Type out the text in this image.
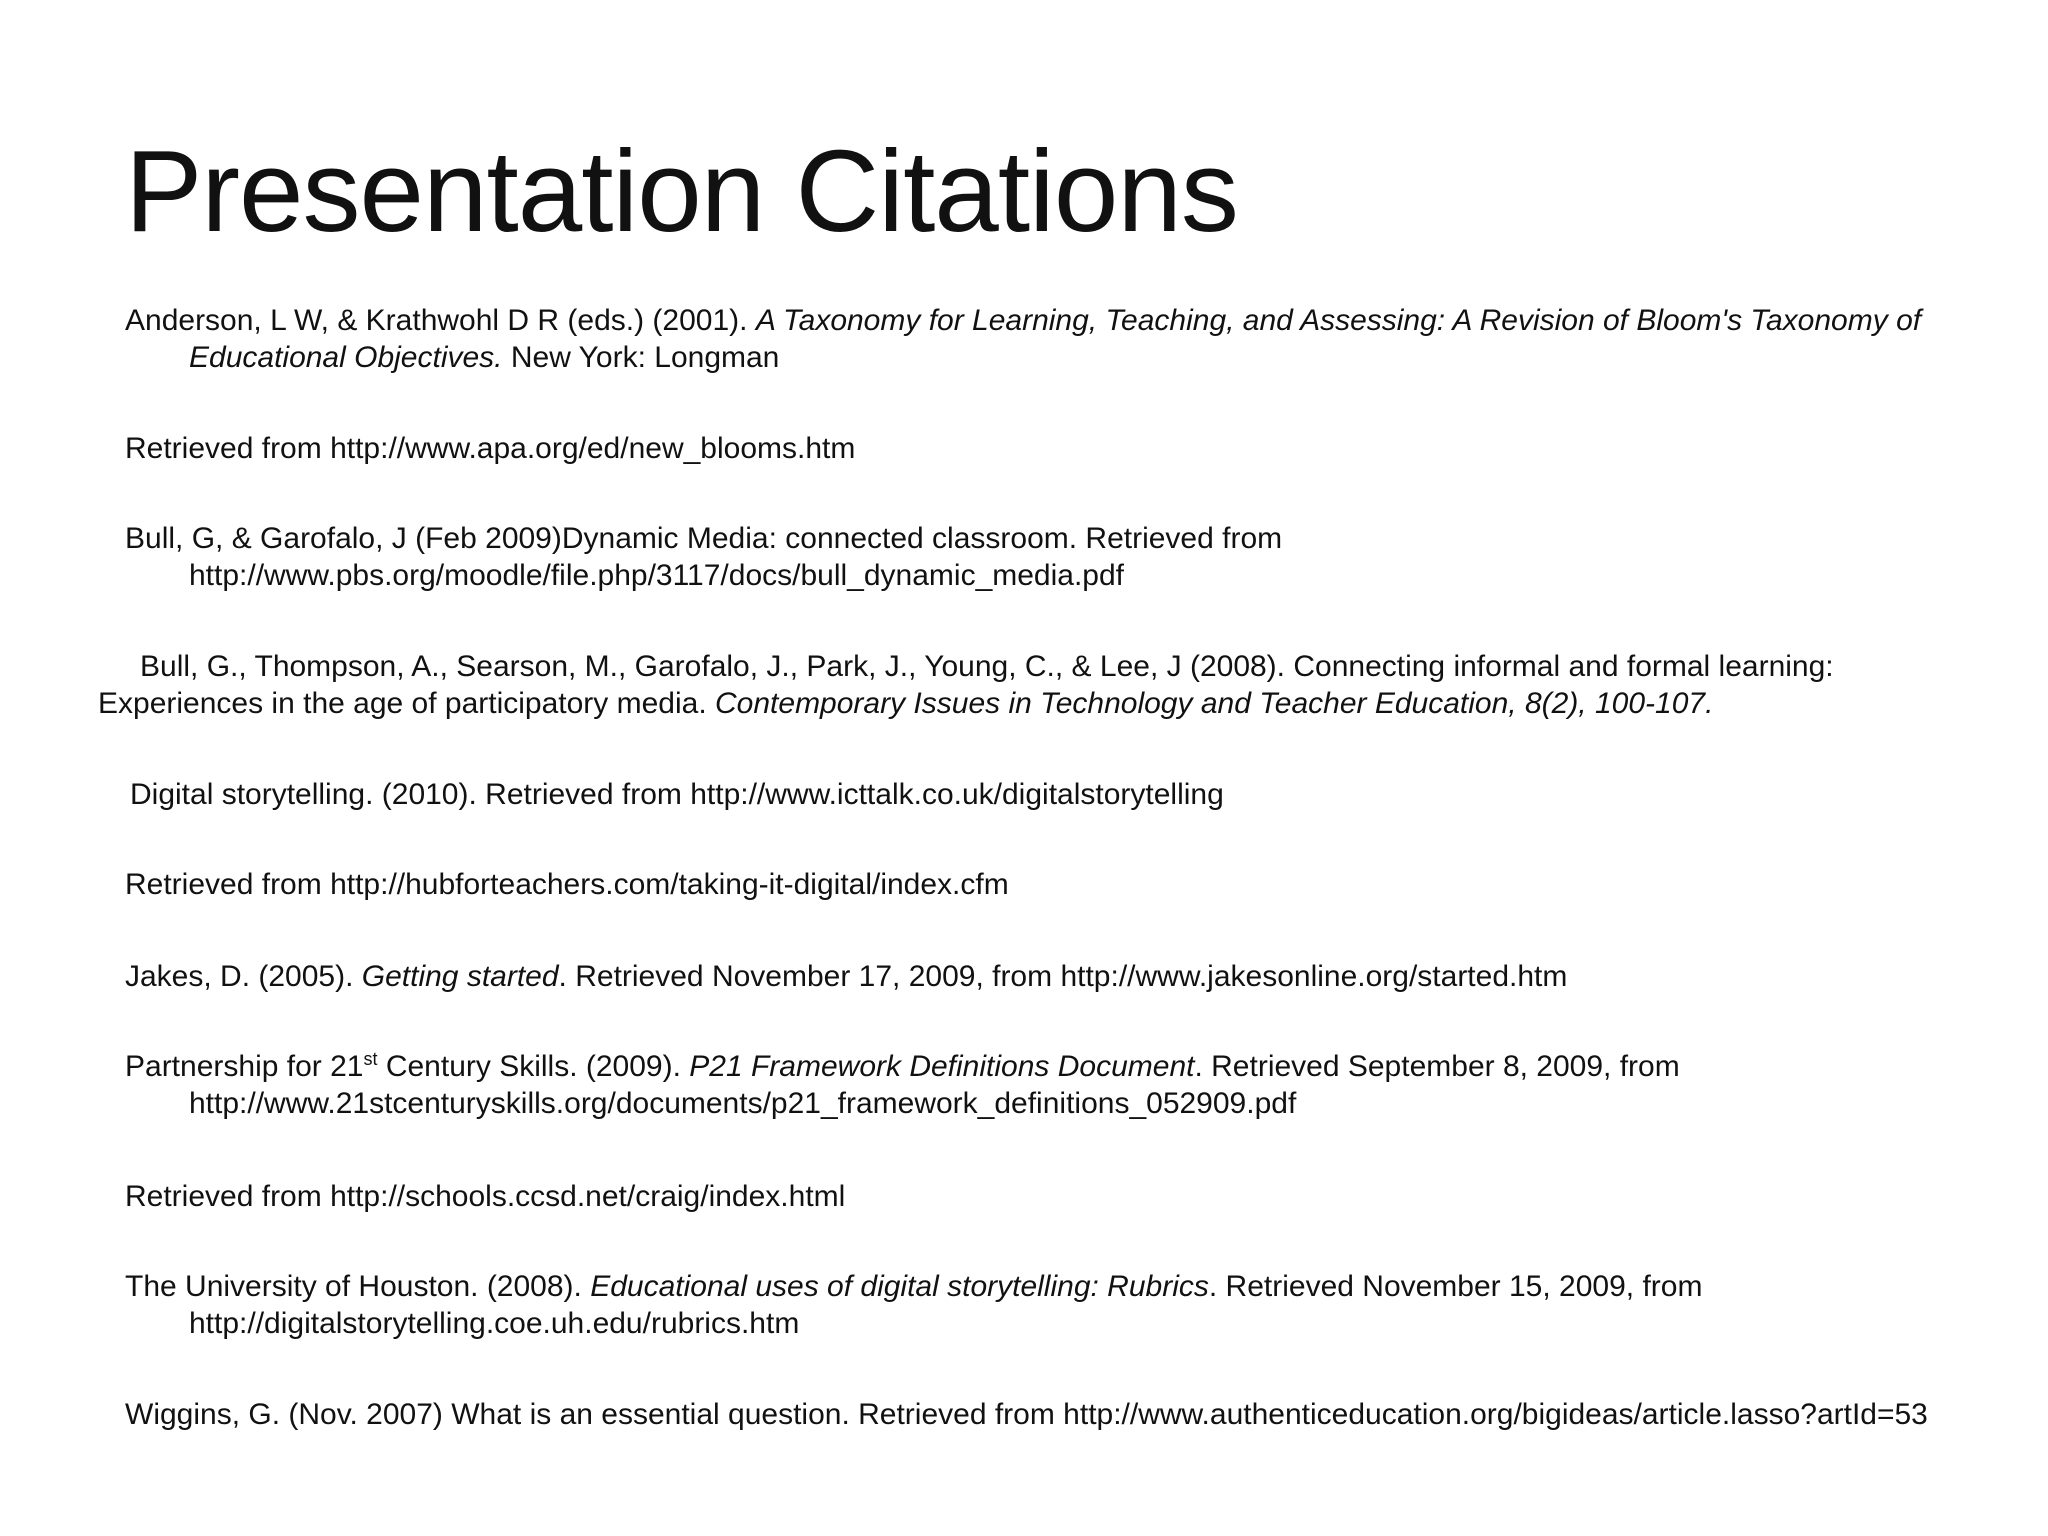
Presentation Citations

Anderson, L W, & Krathwohl D R (eds.) (2001). A Taxonomy for Learning, Teaching, and Assessing: A Revision of Bloom's Taxonomy of
Educational Objectives. New York: Longman

Retrieved from http://www.apa.org/ed/new_blooms.htm

Bull, G, & Garofalo, J (Feb 2009)Dynamic Media: connected classroom. Retrieved from
http://www.pbs.org/moodle/file.php/3117/docs/bull_dynamic_media.pdf

Bull, G., Thompson, A., Searson, M., Garofalo, J., Park, J., Young, C., & Lee, J (2008). Connecting informal and formal learning:
Experiences in the age of participatory media. Contemporary Issues in Technology and Teacher Education, 8(2), 100-107.

Digital storytelling. (2010). Retrieved from http://www.icttalk.co.uk/digitalstorytelling

Retrieved from http://hubforteachers.com/taking-it-digital/index.cfm

Jakes, D. (2005). Getting started. Retrieved November 17, 2009, from http://www.jakesonline.org/started.htm

Partnership for 21st Century Skills. (2009). P21 Framework Definitions Document. Retrieved September 8, 2009, from
http://www.21stcenturyskills.org/documents/p21_framework_definitions_052909.pdf

Retrieved from http://schools.ccsd.net/craig/index.html

The University of Houston. (2008). Educational uses of digital storytelling: Rubrics. Retrieved November 15, 2009, from
http://digitalstorytelling.coe.uh.edu/rubrics.htm

Wiggins, G. (Nov. 2007) What is an essential question. Retrieved from http://www.authenticeducation.org/bigideas/article.lasso?artId=53
